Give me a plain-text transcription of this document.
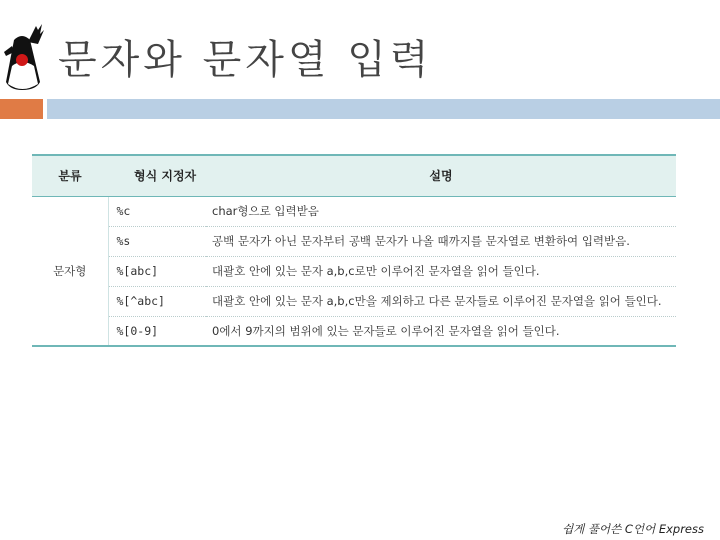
문자와 문자열 입력
분류	형식 지정자	설명
문자형	%c	char형으로 입력받음
	%s	공백 문자가 아닌 문자부터 공백 문자가 나올 때까지를 문자열로 변환하여 입력받음.
	%[abc]	대괄호 안에 있는 문자 a,b,c로만 이루어진 문자열을 읽어 들인다.
	%[^abc]	대괄호 안에 있는 문자 a,b,c만을 제외하고 다른 문자들로 이루어진 문자열을 읽어 들인다.
	%[0-9]	0에서 9까지의 범위에 있는 문자들로 이루어진 문자열을 읽어 들인다.
쉽게 풀어쓴 C언어 Express
